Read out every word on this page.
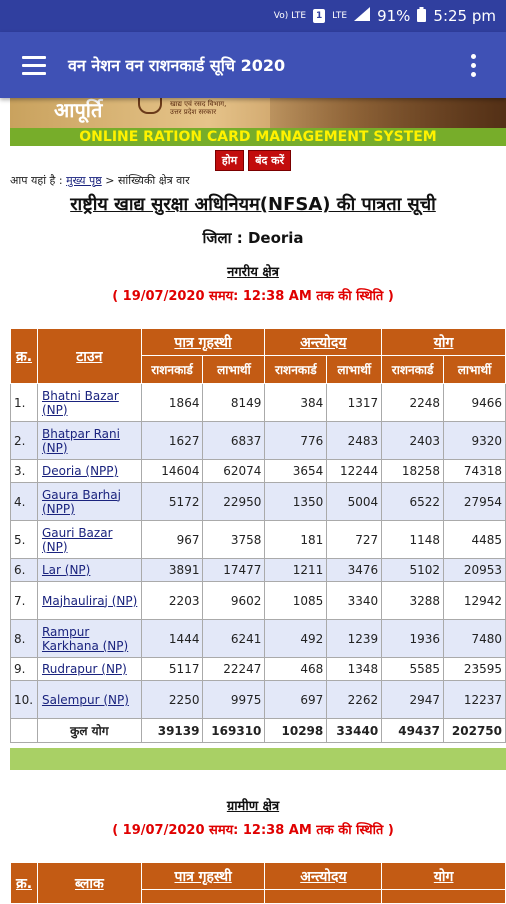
Vo) LTE	1	LTE 91% 5:25 pm
वन नेशन वन राशनकार्ड सूचि 2020
आपूर्ति	खाद्य एवं रसद विभाग,
उत्तर प्रदेश सरकार
ONLINE RATION CARD MANAGEMENT SYSTEM
होम	बंद करें
आप यहां है : मुख्य पृष्ठ > सांख्यिकी क्षेत्र वार
राष्ट्रीय खाद्य सुरक्षा अधिनियम(NFSA) की पात्रता सूची
जिला : Deoria
नगरीय क्षेत्र
( 19/07/2020 समय: 12:38 AM तक की स्थिति )
क्र.	टाउन	पात्र गृहस्थी		अन्त्योदय		योग	
		राशनकार्ड	लाभार्थी	राशनकार्ड	लाभार्थी	राशनकार्ड	लाभार्थी
1.	Bhatni Bazar (NP)	1864	8149	384	1317	2248	9466
2.	Bhatpar Rani (NP)	1627	6837	776	2483	2403	9320
3.	Deoria (NPP)	14604	62074	3654	12244	18258	74318
4.	Gaura Barhaj (NPP)	5172	22950	1350	5004	6522	27954
5.	Gauri Bazar (NP)	967	3758	181	727	1148	4485
6.	Lar (NP)	3891	17477	1211	3476	5102	20953
7.	Majhauliraj (NP)	2203	9602	1085	3340	3288	12942
8.	Rampur Karkhana (NP)	1444	6241	492	1239	1936	7480
9.	Rudrapur (NP)	5117	22247	468	1348	5585	23595
10.	Salempur (NP)	2250	9975	697	2262	2947	12237
	कुल योग	39139	169310	10298	33440	49437	202750
ग्रामीण क्षेत्र
( 19/07/2020 समय: 12:38 AM तक की स्थिति )
क्र.	ब्लाक	पात्र गृहस्थी	अन्त्योदय	योग
